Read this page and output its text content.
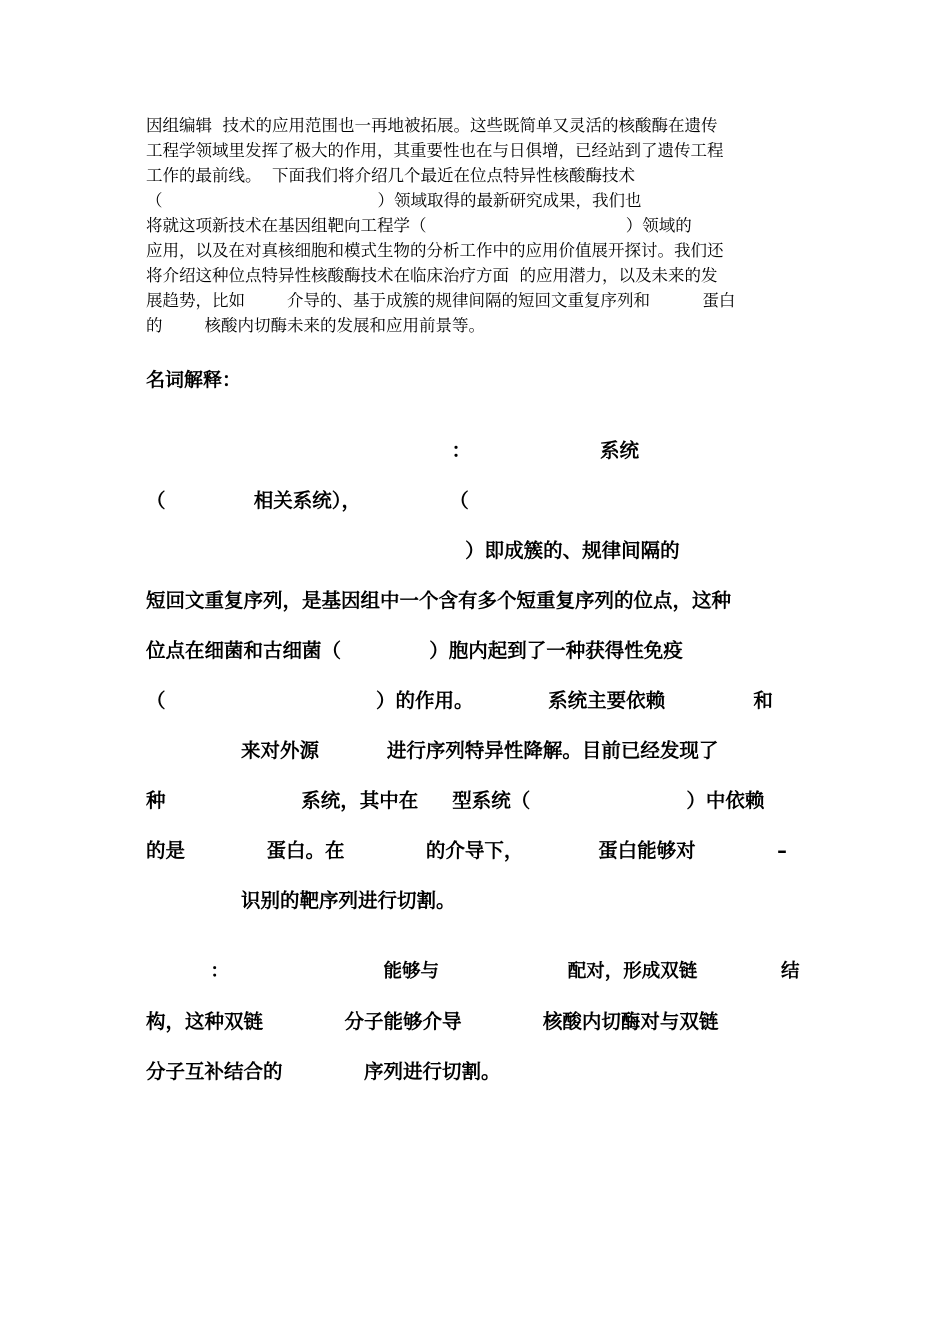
因组编辑  技术的应用范围也一再地被拓展。这些既简单又灵活的核酸酶在遗传
工程学领域里发挥了极大的作用，其重要性也在与日俱增，已经站到了遗传工程
工作的最前线。  下面我们将介绍几个最近在位点特异性核酸酶技术
（                                         ）领域取得的最新研究成果，我们也
将就这项新技术在基因组靶向工程学（                                      ）领域的
应用，以及在对真核细胞和模式生物的分析工作中的应用价值展开探讨。我们还
将介绍这种位点特异性核酸酶技术在临床治疗方面  的应用潜力，以及未来的发
展趋势，比如        介导的、基于成簇的规律间隔的短回文重复序列和          蛋白
的        核酸内切酶未来的发展和应用前景等。
名词解释：
：                   系统
（             相关系统），             （
）即成簇的、规律间隔的
短回文重复序列，是基因组中一个含有多个短重复序列的位点，这种
位点在细菌和古细菌（             ）胞内起到了一种获得性免疫
（                               ）的作用。           系统主要依赖             和
来对外源          进行序列特异性降解。目前已经发现了
种                    系统，其中在     型系统（                       ）中依赖
的是            蛋白。在            的介导下，           蛋白能够对            –
识别的靶序列进行切割。
：                        能够与                    配对，形成双链             结
构，这种双链            分子能够介导            核酸内切酶对与双链
分子互补结合的            序列进行切割。
